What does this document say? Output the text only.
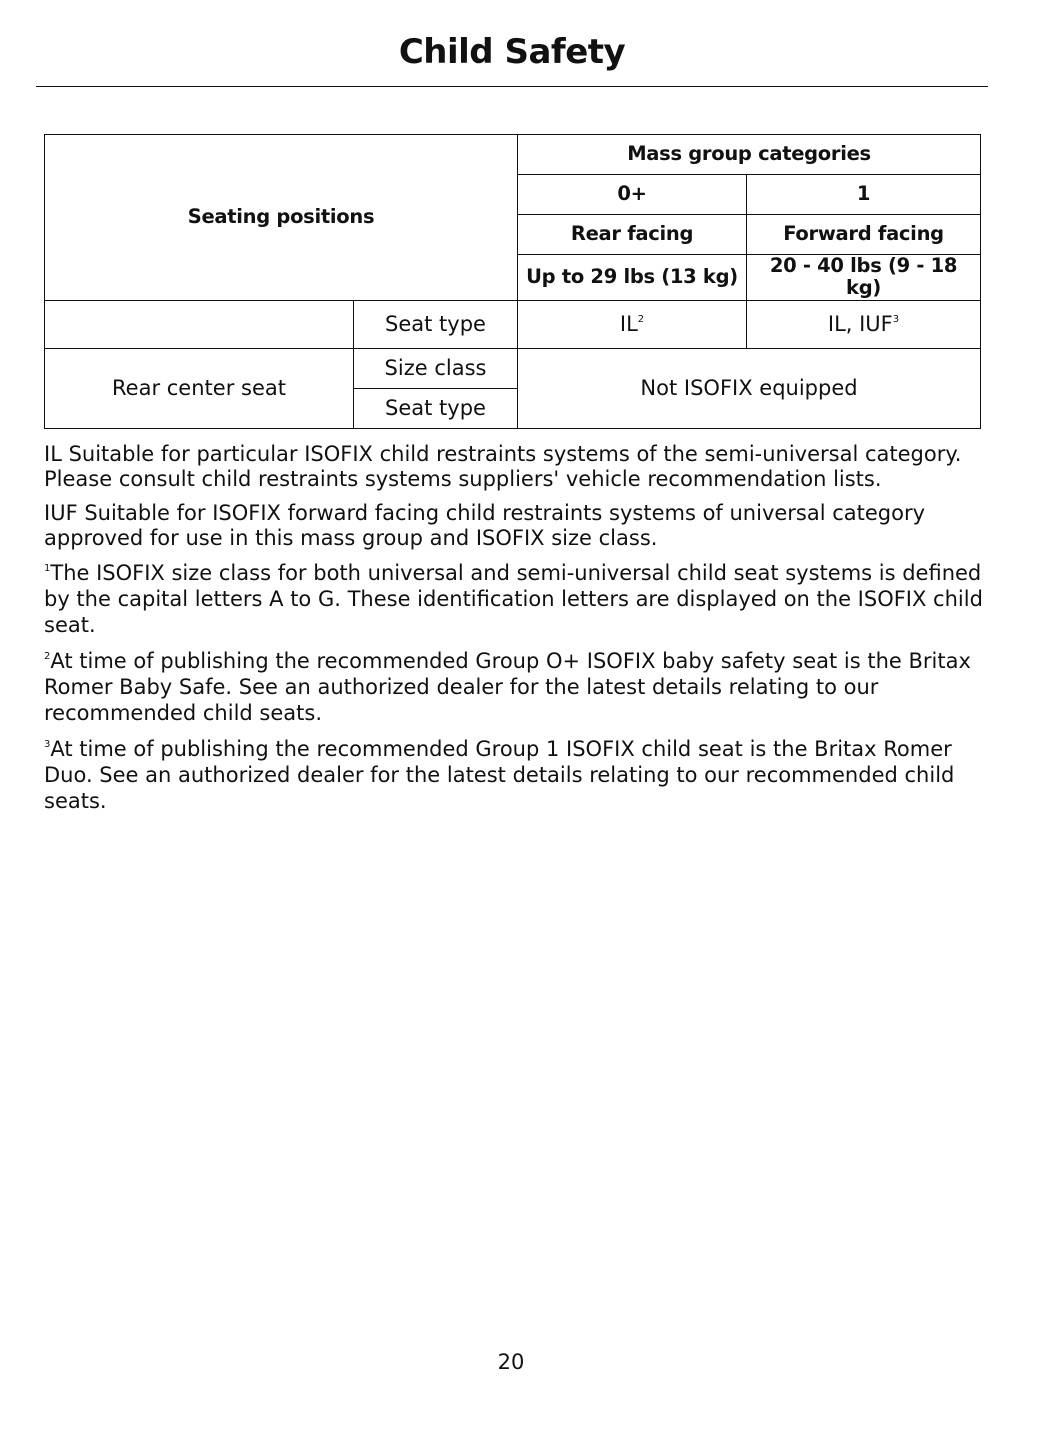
Child Safety
Seating positions		Mass group categories	
		0+	1
		Rear facing	Forward facing
		Up to 29 lbs (13 kg)	20 - 40 lbs (9 - 18 kg)
	Seat type	$IL^2$	IL, IUF$^3$
Rear center seat	Size class	Not ISOFIX equipped	
	Seat type		

IL Suitable for particular ISOFIX child restraints systems of the semi-universal category. Please consult child restraints systems suppliers' vehicle recommendation lists.

IUF Suitable for ISOFIX forward facing child restraints systems of universal category approved for use in this mass group and ISOFIX size class.

$^1$The ISOFIX size class for both universal and semi-universal child seat systems is defined by the capital letters A to G. These identification letters are displayed on the ISOFIX child seat.

$^2$At time of publishing the recommended Group O+ ISOFIX baby safety seat is the Britax Romer Baby Safe. See an authorized dealer for the latest details relating to our recommended child seats.

$^3$At time of publishing the recommended Group 1 ISOFIX child seat is the Britax Romer Duo. See an authorized dealer for the latest details relating to our recommended child seats.

20
